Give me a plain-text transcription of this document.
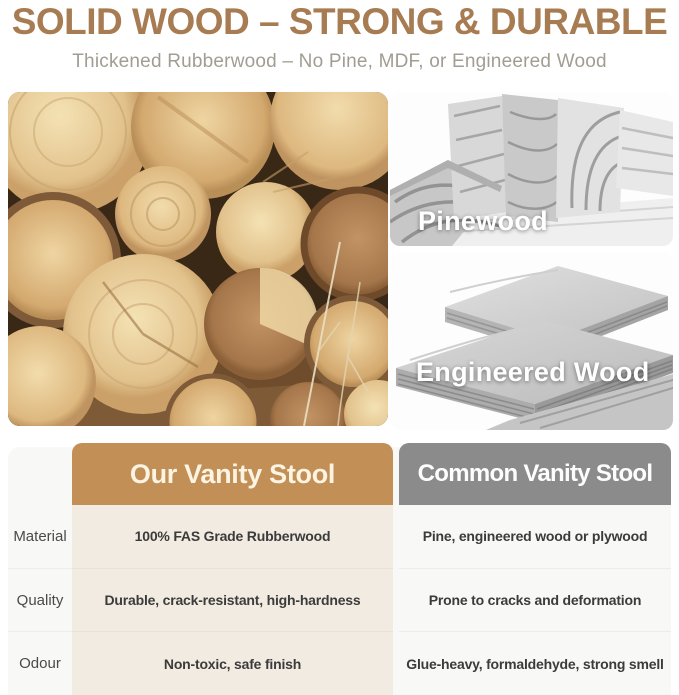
SOLID WOOD – STRONG & DURABLE
Thickened Rubberwood – No Pine, MDF, or Engineered Wood
Pinewood
Engineered Wood
Our Vanity Stool	Common Vanity Stool
Material
Quality
Odour
100% FAS Grade Rubberwood
Durable, crack-resistant, high-hardness
Non-toxic, safe finish
Pine, engineered wood or plywood
Prone to cracks and deformation
Glue-heavy, formaldehyde, strong smell
